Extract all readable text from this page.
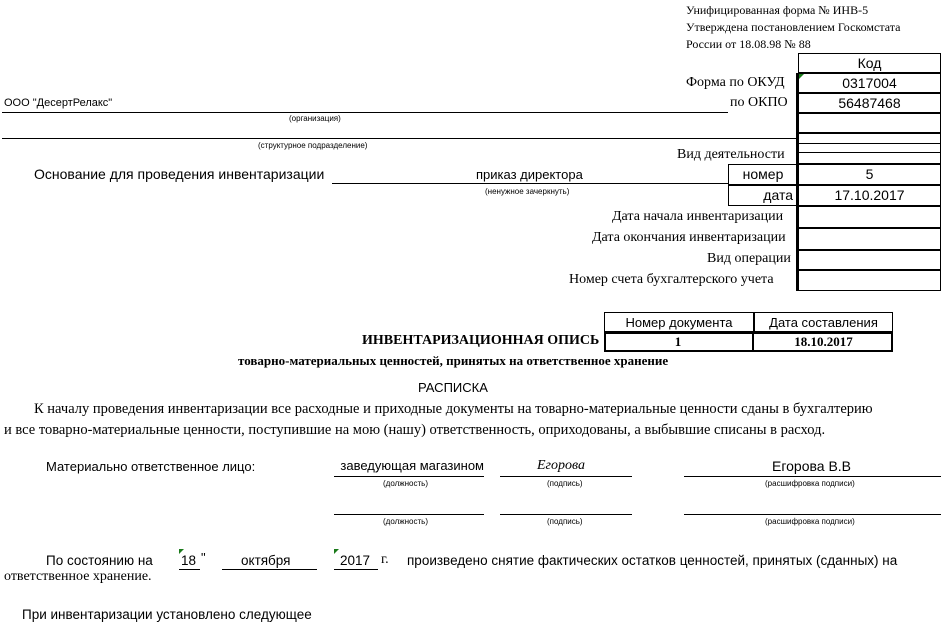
Унифицированная форма № ИНВ-5
Утверждена постановлением Госкомстата
России от 18.08.98 № 88
Код
Форма по ОКУД	0317004
по ОКПО	56487468
Вид деятельности
номер	5
дата	17.10.2017
Дата начала инвентаризации
Дата окончания инвентаризации
Вид операции
Номер счета бухгалтерского учета
ООО "ДесертРелакс"
(организация)
(структурное подразделение)
Основание для проведения инвентаризации	приказ директора
(ненужное зачеркнуть)
Номер документа	Дата составления
1	18.10.2017
ИНВЕНТАРИЗАЦИОННАЯ ОПИСЬ
товарно-материальных ценностей, принятых на ответственное хранение
РАСПИСКА
К началу проведения инвентаризации все расходные и приходные документы на товарно-материальные ценности сданы в бухгалтерию
и все товарно-материальные ценности, поступившие на мою (нашу) ответственность, оприходованы, а выбывшие списаны в расход.
Материально ответственное лицо:	заведующая магазином
(должность)
Егорова
(подпись)
Егорова В.В
(расшифровка подписи)
(должность)	(подпись)	(расшифровка подписи)
По состоянию на 18 "	октября	2017 г. произведено снятие фактических остатков ценностей, принятых (сданных) на
ответственное хранение.
При инвентаризации установлено следующее
